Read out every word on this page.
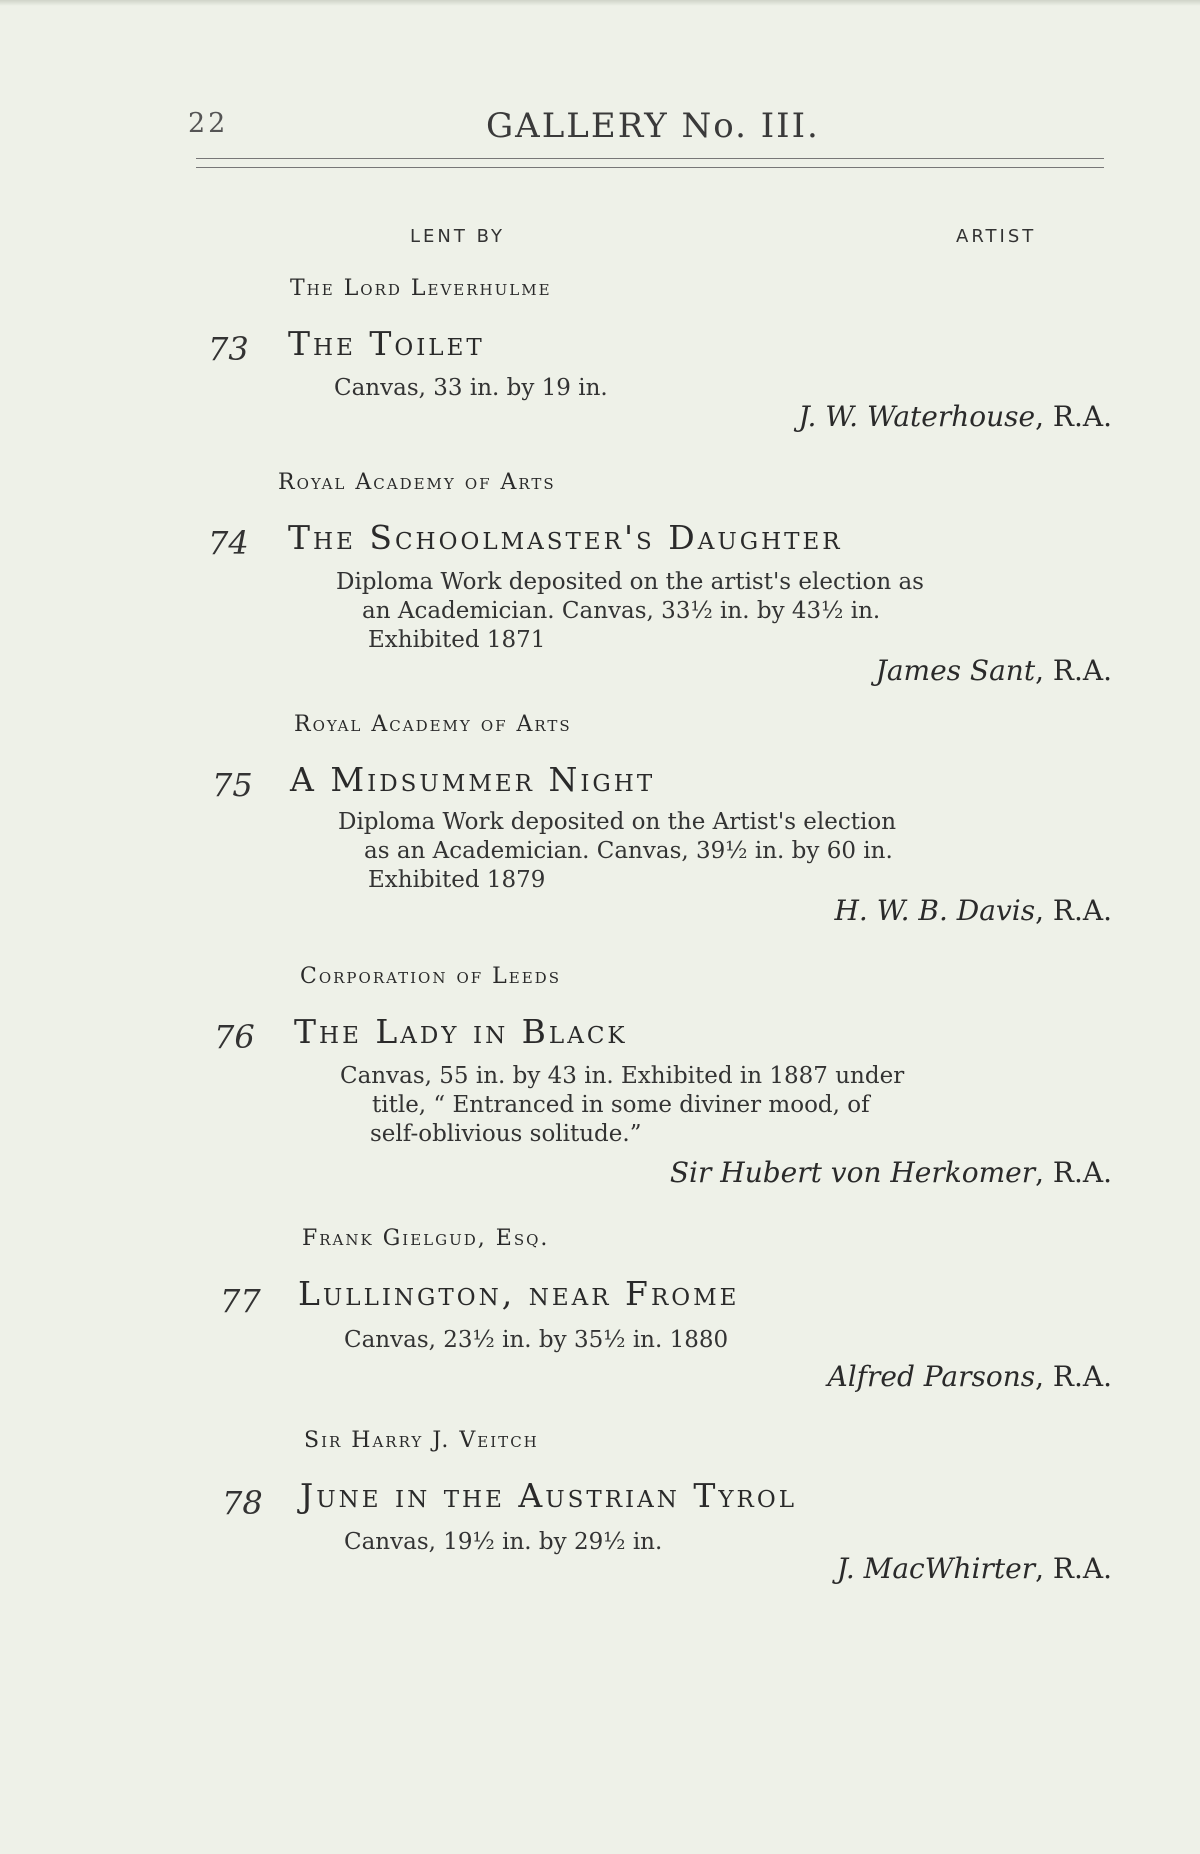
22	GALLERY No. III.
LENT BY	ARTIST
The Lord Leverhulme
73 The Toilet
Canvas, 33 in. by 19 in.
J. W. Waterhouse, R.A.
Royal Academy of Arts
74 The Schoolmaster's Daughter
Diploma Work deposited on the artist's election as
an Academician. Canvas, 33½ in. by 43½ in.
Exhibited 1871
James Sant, R.A.
Royal Academy of Arts
75 A Midsummer Night
Diploma Work deposited on the Artist's election
as an Academician. Canvas, 39½ in. by 60 in.
Exhibited 1879
H. W. B. Davis, R.A.
Corporation of Leeds
76 The Lady in Black
Canvas, 55 in. by 43 in. Exhibited in 1887 under
title, “ Entranced in some diviner mood, of
self-oblivious solitude.”
Sir Hubert von Herkomer, R.A.
Frank Gielgud, Esq.
77 Lullington, near Frome
Canvas, 23½ in. by 35½ in. 1880
Alfred Parsons, R.A.
Sir Harry J. Veitch
78 June in the Austrian Tyrol
Canvas, 19½ in. by 29½ in.
J. MacWhirter, R.A.
